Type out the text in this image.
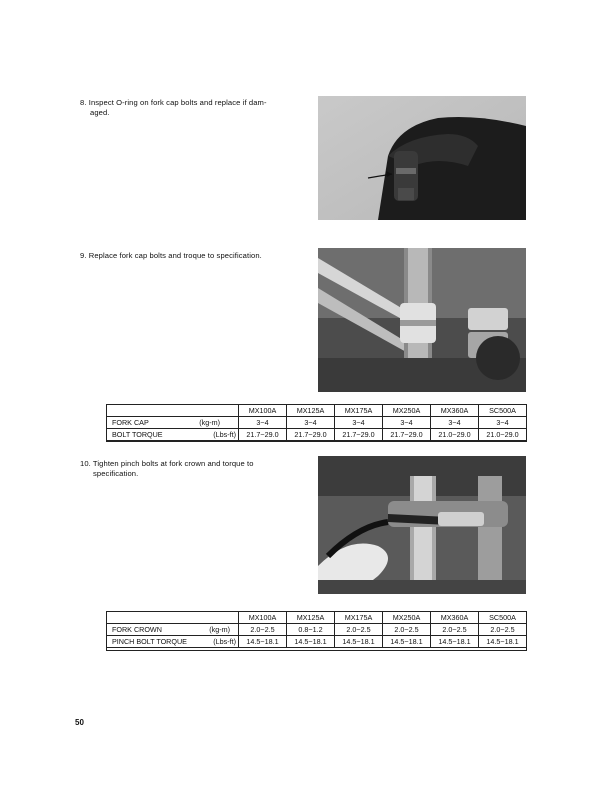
8. Inspect O-ring on fork cap bolts and replace if dam-
aged.
9. Replace fork cap bolts and troque to specification.
	MX100A	MX125A	MX175A	MX250A	MX360A	SC500A

FORK CAP (kg-m)	3~4	3~4	3~4	3~4	3~4	3~4

BOLT TORQUE (Lbs-ft)	21.7~29.0	21.7~29.0	21.7~29.0	21.7~29.0	21.0~29.0	21.0~29.0
10. Tighten pinch bolts at fork crown and torque to
specification.
	MX100A	MX125A	MX175A	MX250A	MX360A	SC500A

FORK CROWN (kg-m)	2.0~2.5	0.8~1.2	2.0~2.5	2.0~2.5	2.0~2.5	2.0~2.5

PINCH BOLT TORQUE (Lbs-ft)	14.5~18.1	14.5~18.1	14.5~18.1	14.5~18.1	14.5~18.1	14.5~18.1
50
